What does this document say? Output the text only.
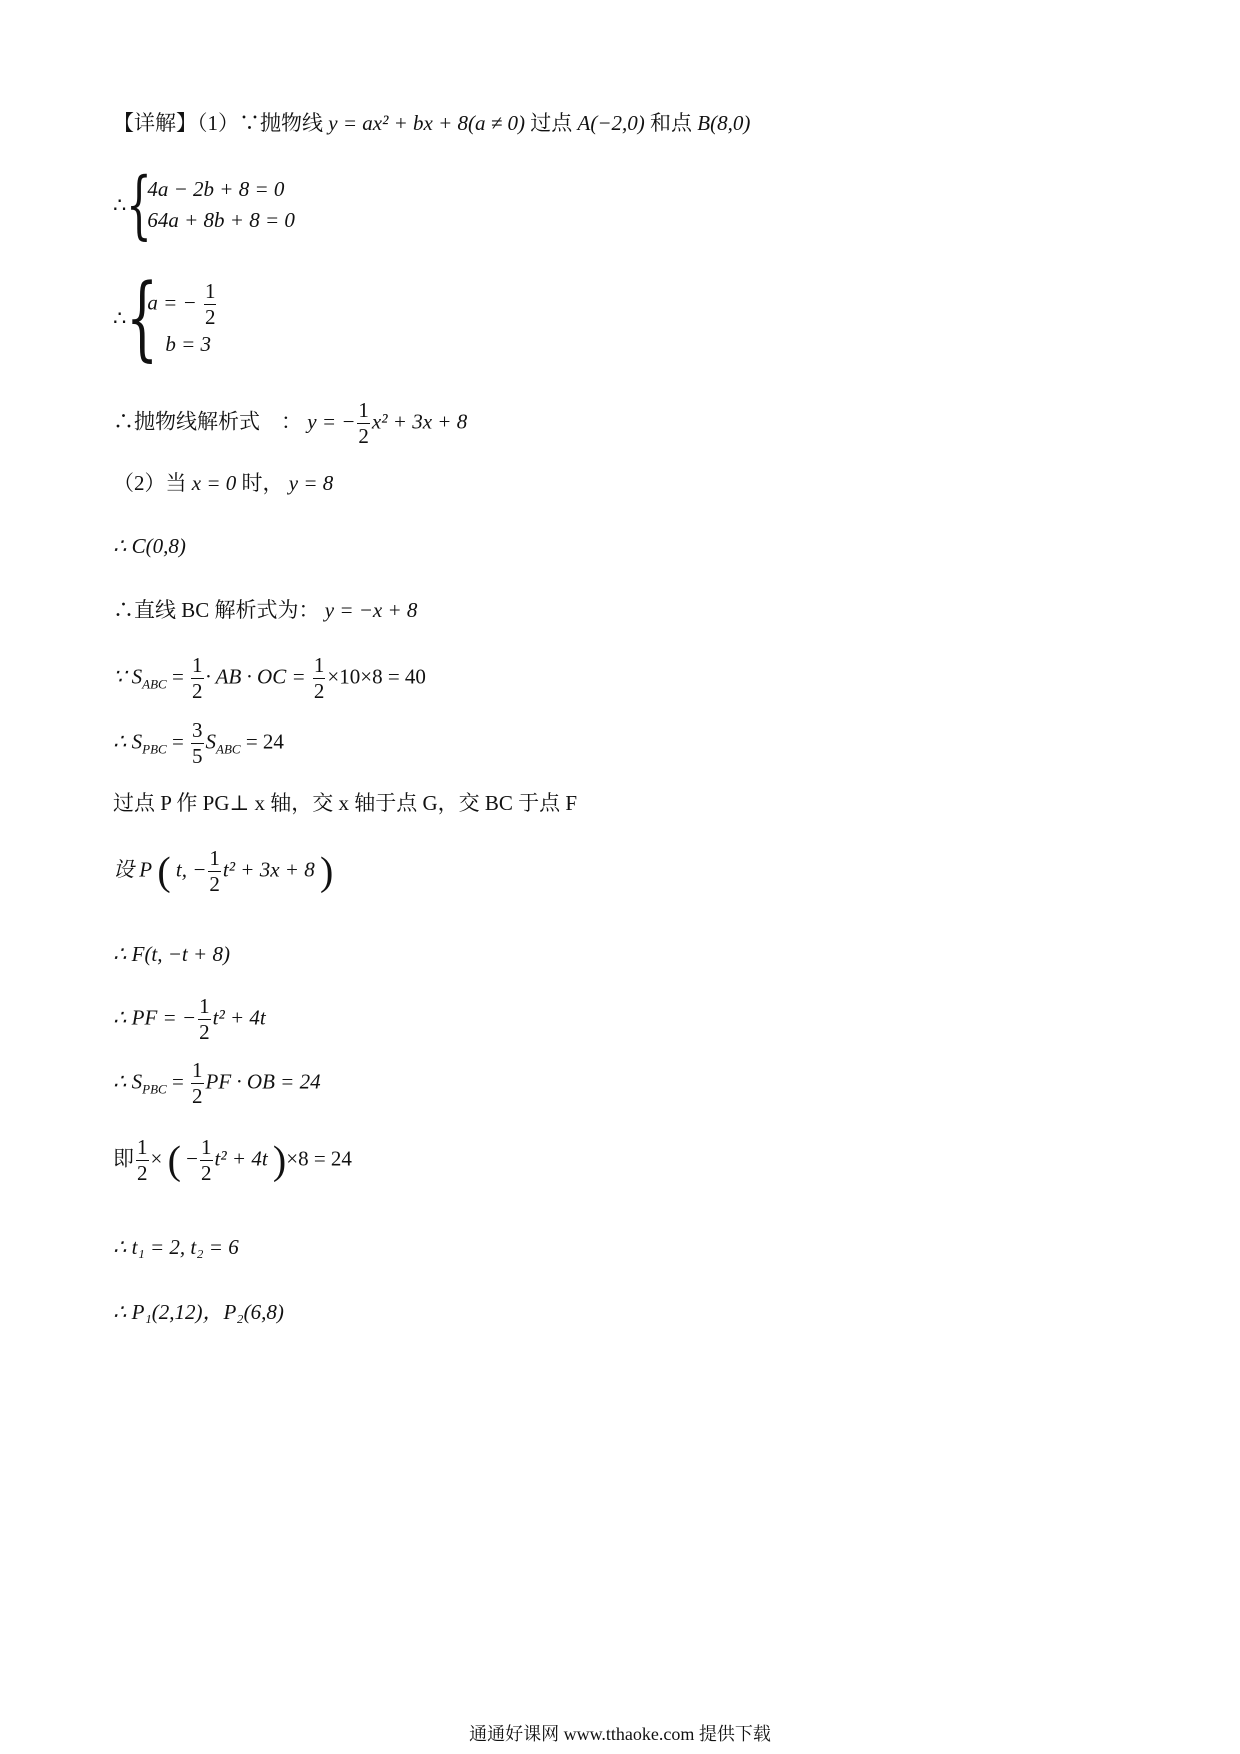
【详解】（1）∵抛物线 y = ax² + bx + 8(a ≠ 0) 过点 A(−2,0) 和点 B(8,0)
∴ {
4a − 2b + 8 = 0
64a + 8b + 8 = 0
∴ {
a = − $\frac{1}{2}$
b = 3
∴抛物线解析式　： y = − $\frac{1}{2} x^2 + 3x + 8$
（2）当 x = 0 时， y = 8
∴ C(0,8)
∴直线 BC 解析式为： y = −x + 8
∵ $S_{ABC} = \frac{1}{2}$ · AB · OC = $\frac{1}{2} \times 10\times 8 = 40$
∴ $S_{PBC} = \frac{3}{5} S_{ABC} = 24$
过点 P 作 PG⊥ x 轴，交 x 轴于点 G，交 BC 于点 F
设 P ( t, − $\frac{1}{2} t^2 + 3x + 8$ )
∴ F(t, −t + 8)
∴ PF = − $\frac{1}{2} t^2 + 4t$
∴ $S_{PBC} = \frac{1}{2}$ PF · OB = 24
即 $\frac{1}{2}$ × ( − $\frac{1}{2} t^2 + 4t$ )×8 = 24
∴ t₁ = 2, t₂ = 6
∴ P₁(2,12)，P₂(6,8)
通通好课网 www.tthaoke.com 提供下载
